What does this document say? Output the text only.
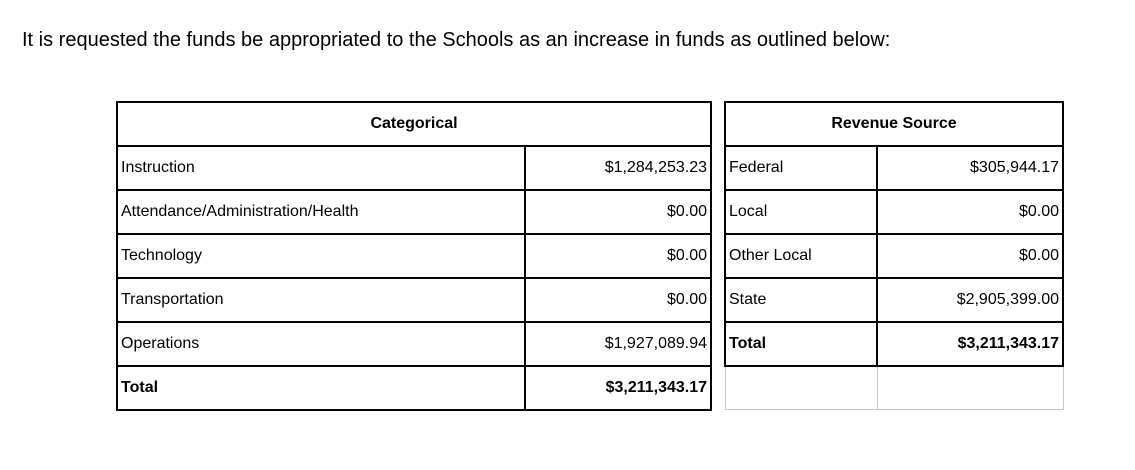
It is requested the funds be appropriated to the Schools as an increase in funds as outlined below:

Categorical	
Instruction	$1,284,253.23
Attendance/Administration/Health	$0.00
Technology	$0.00
Transportation	$0.00
Operations	$1,927,089.94
Total	$3,211,343.17
Revenue Source	
Federal	$305,944.17
Local	$0.00
Other Local	$0.00
State	$2,905,399.00
Total	$3,211,343.17
